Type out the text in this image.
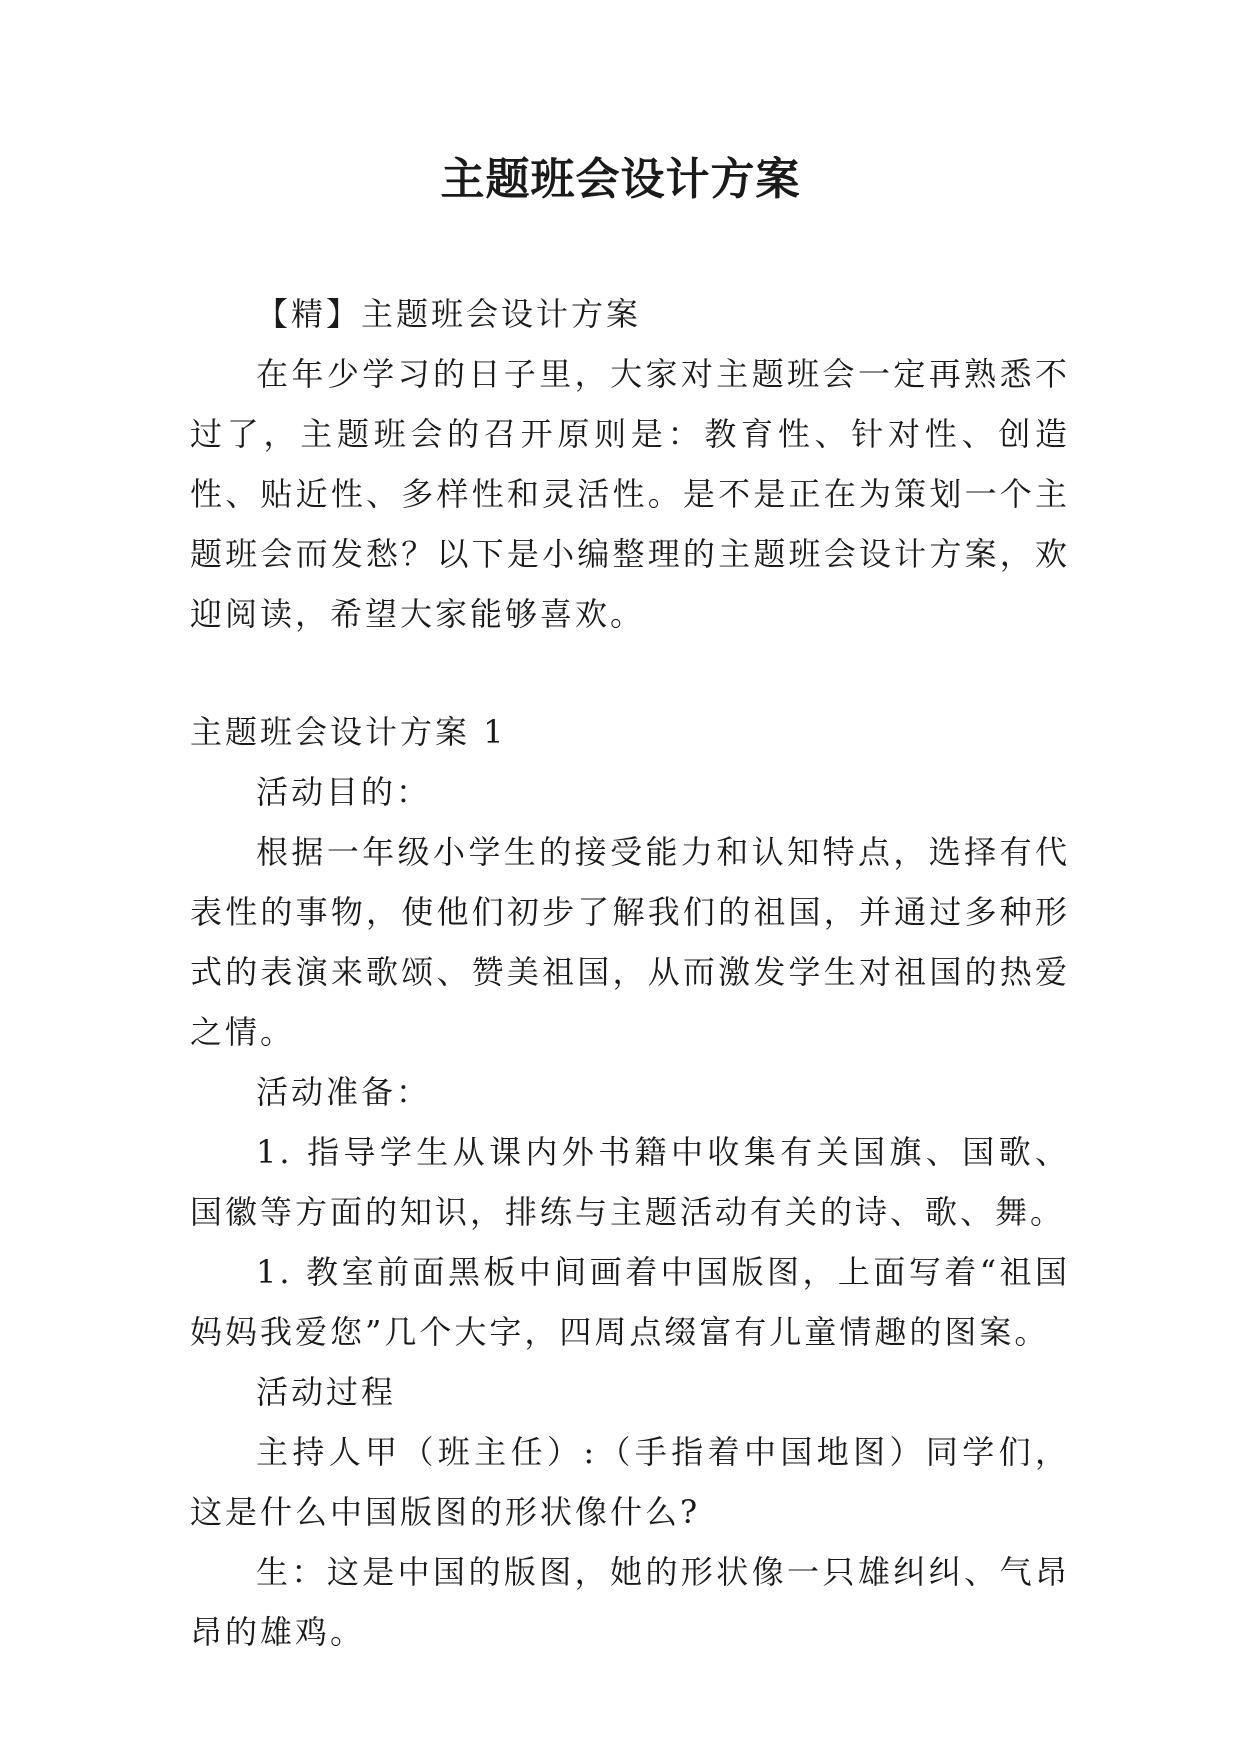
主题班会设计方案

【精】主题班会设计方案

在年少学习的日子里，大家对主题班会一定再熟悉不过了，主题班会的召开原则是：教育性、针对性、创造性、贴近性、多样性和灵活性。是不是正在为策划一个主题班会而发愁？以下是小编整理的主题班会设计方案，欢迎阅读，希望大家能够喜欢。

主题班会设计方案 1

活动目的：

根据一年级小学生的接受能力和认知特点，选择有代表性的事物，使他们初步了解我们的祖国，并通过多种形式的表演来歌颂、赞美祖国，从而激发学生对祖国的热爱之情。

活动准备：

1. 指导学生从课内外书籍中收集有关国旗、国歌、国徽等方面的知识，排练与主题活动有关的诗、歌、舞。

1. 教室前面黑板中间画着中国版图，上面写着“祖国妈妈我爱您”几个大字，四周点缀富有儿童情趣的图案。

活动过程

主持人甲（班主任）:（手指着中国地图）同学们，这是什么中国版图的形状像什么?

生：这是中国的版图，她的形状像一只雄纠纠、气昂昂的雄鸡。
